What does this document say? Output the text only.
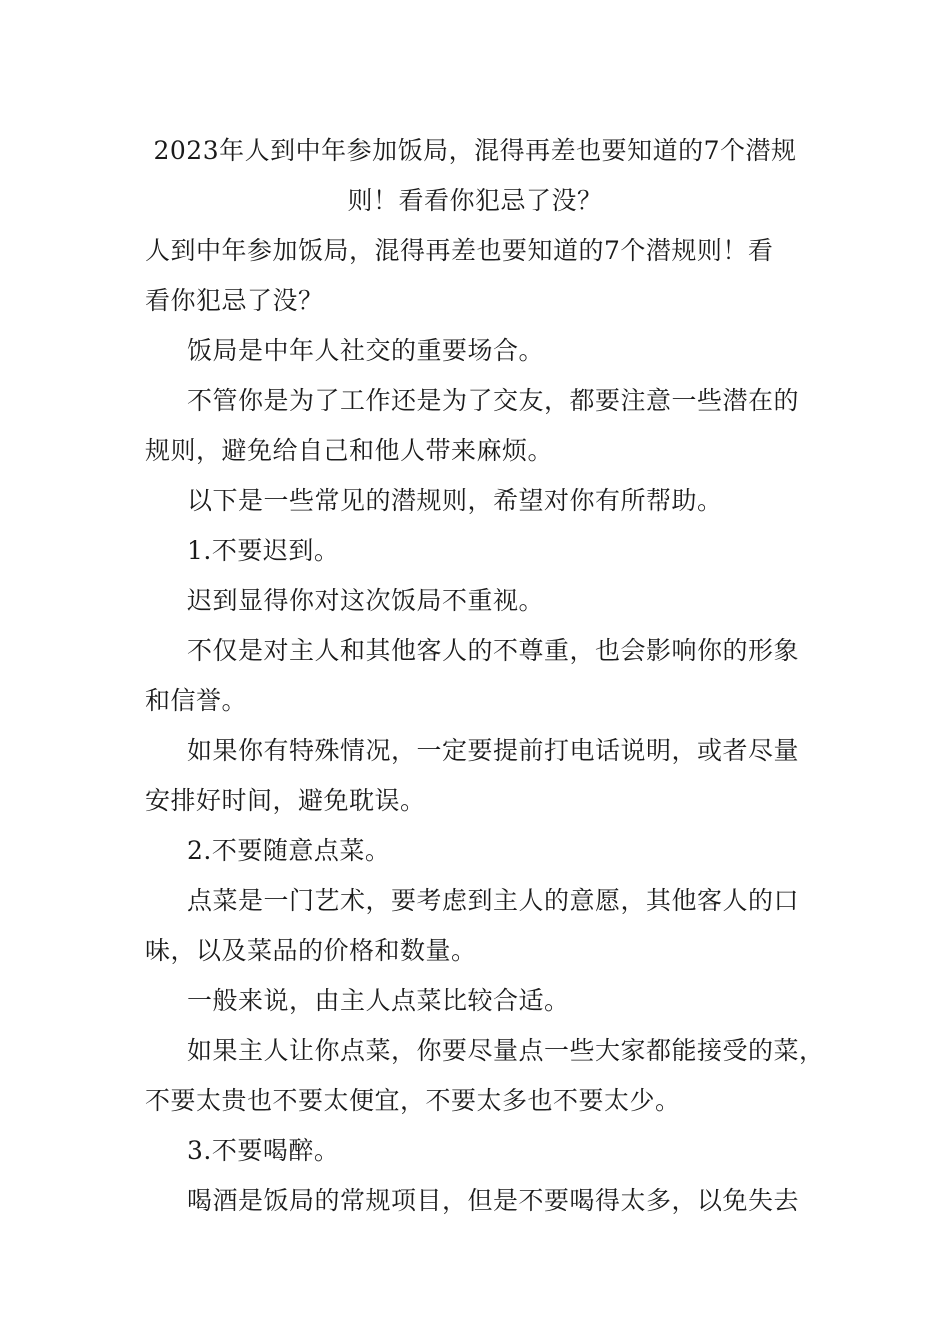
2023年人到中年参加饭局，混得再差也要知道的7个潜规
则！看看你犯忌了没？
人到中年参加饭局，混得再差也要知道的7个潜规则！看
看你犯忌了没？
饭局是中年人社交的重要场合。
不管你是为了工作还是为了交友，都要注意一些潜在的
规则，避免给自己和他人带来麻烦。
以下是一些常见的潜规则，希望对你有所帮助。
1.不要迟到。
迟到显得你对这次饭局不重视。
不仅是对主人和其他客人的不尊重，也会影响你的形象
和信誉。
如果你有特殊情况，一定要提前打电话说明，或者尽量
安排好时间，避免耽误。
2.不要随意点菜。
点菜是一门艺术，要考虑到主人的意愿，其他客人的口
味，以及菜品的价格和数量。
一般来说，由主人点菜比较合适。
如果主人让你点菜，你要尽量点一些大家都能接受的菜，
不要太贵也不要太便宜，不要太多也不要太少。
3.不要喝醉。
喝酒是饭局的常规项目，但是不要喝得太多，以免失去
